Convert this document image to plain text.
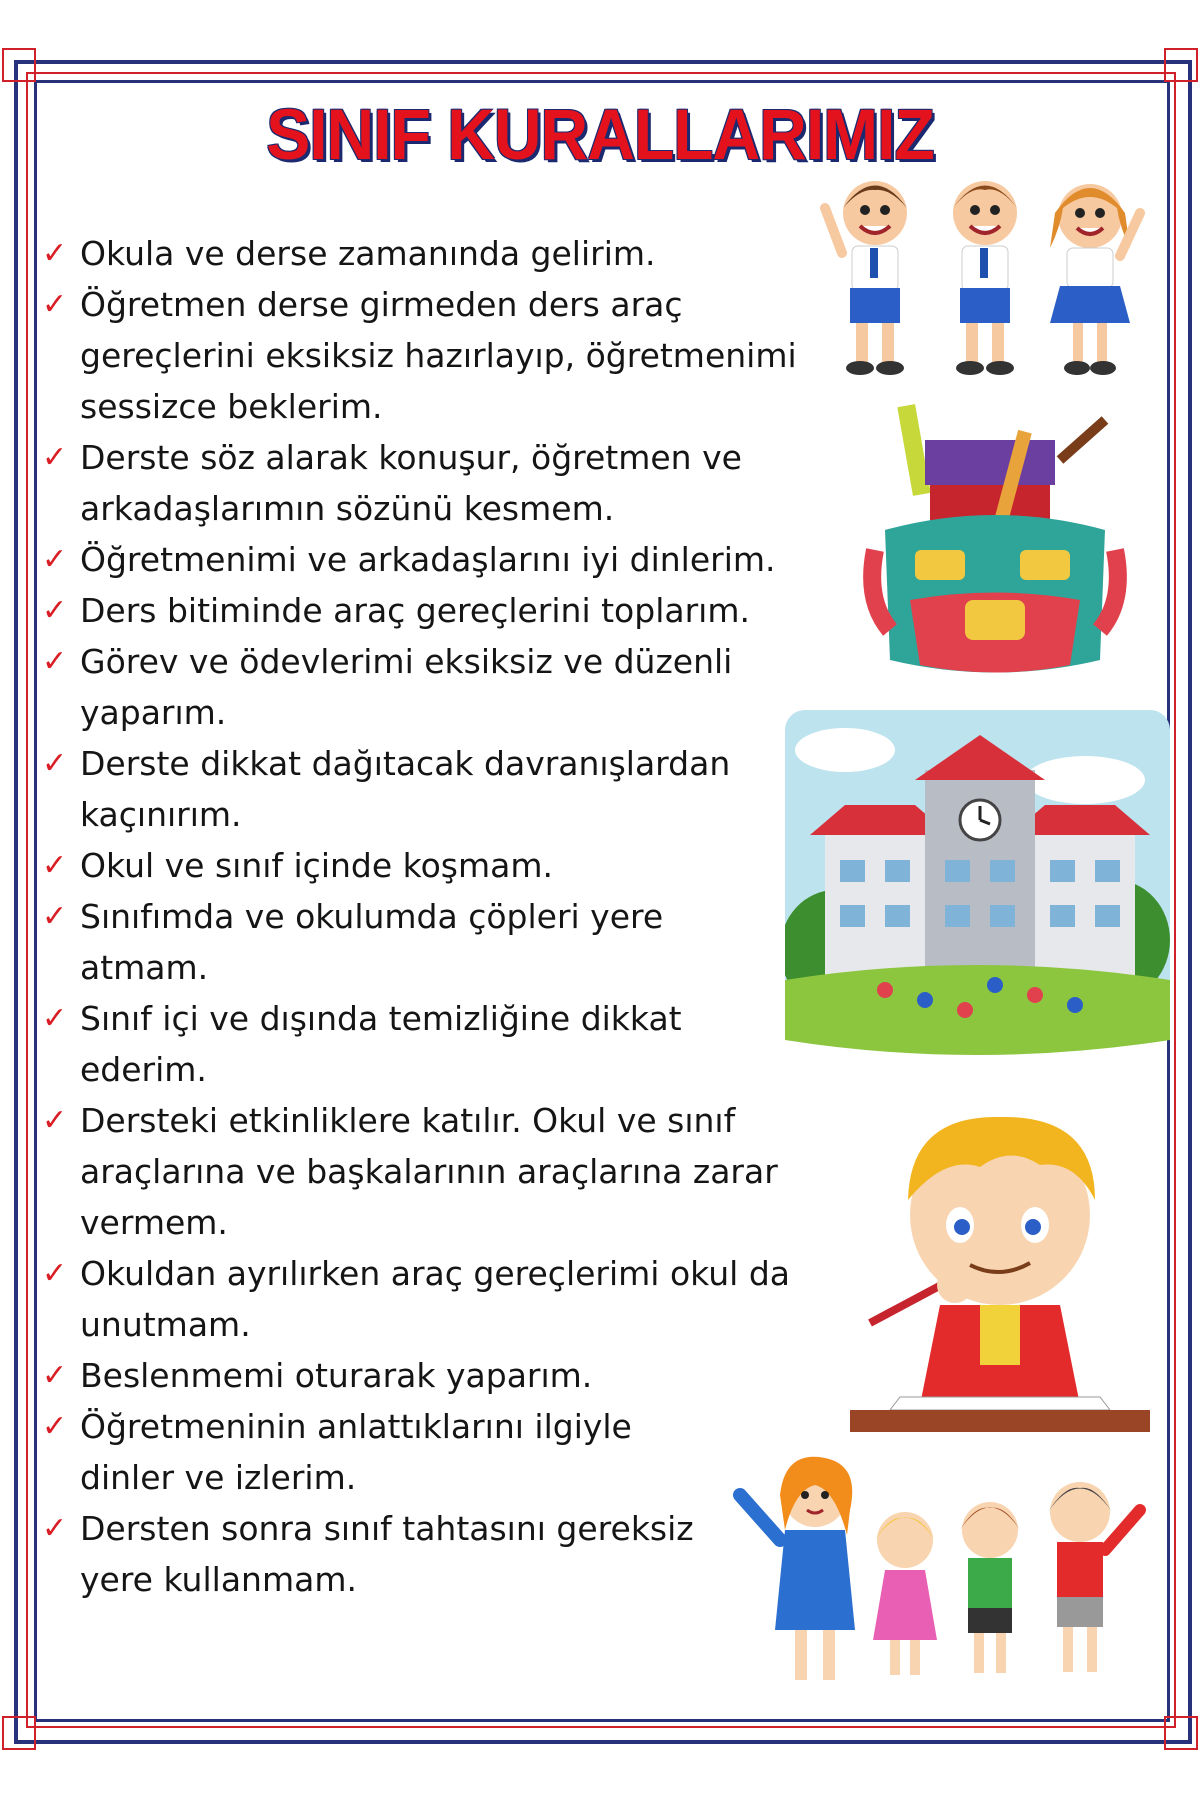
SINIF KURALLARIMIZ
✓ Okula ve derse zamanında gelirim.
✓ Öğretmen derse girmeden ders araç
gereçlerini eksiksiz hazırlayıp, öğretmenimi
sessizce beklerim.
✓ Derste söz alarak konuşur, öğretmen ve
arkadaşlarımın sözünü kesmem.
✓ Öğretmenimi ve arkadaşlarını iyi dinlerim.
✓ Ders bitiminde araç gereçlerini toplarım.
✓ Görev ve ödevlerimi eksiksiz ve düzenli
yaparım.
✓ Derste dikkat dağıtacak davranışlardan
kaçınırım.
✓ Okul ve sınıf içinde koşmam.
✓ Sınıfımda ve okulumda çöpleri yere
atmam.
✓ Sınıf içi ve dışında temizliğine dikkat
ederim.
✓ Dersteki etkinliklere katılır. Okul ve sınıf
araçlarına ve başkalarının araçlarına zarar
vermem.
✓ Okuldan ayrılırken araç gereçlerimi okul da
unutmam.
✓ Beslenmemi oturarak yaparım.
✓ Öğretmeninin anlattıklarını ilgiyle
dinler ve izlerim.
✓ Dersten sonra sınıf tahtasını gereksiz
yere kullanmam.
